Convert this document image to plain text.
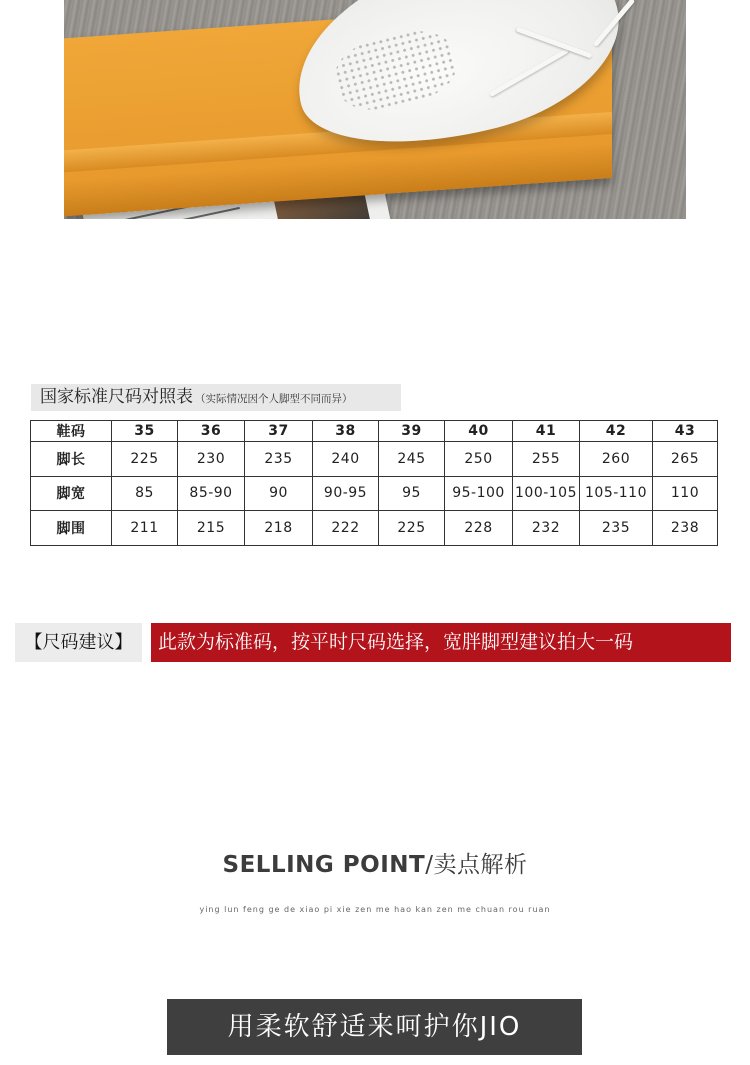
国家标准尺码对照表 （实际情况因个人脚型不同而异）
鞋码	35	36	37	38	39	40	41	42	43
脚长	225	230	235	240	245	250	255	260	265
脚宽	85	85-90	90	90-95	95	95-100	100-105	105-110	110
脚围	211	215	218	222	225	228	232	235	238
【尺码建议】	此款为标准码，按平时尺码选择，宽胖脚型建议拍大一码
SELLING POINT/卖点解析
ying lun feng ge de xiao pi xie zen me hao kan zen me chuan rou ruan
用柔软舒适来呵护你JIO
